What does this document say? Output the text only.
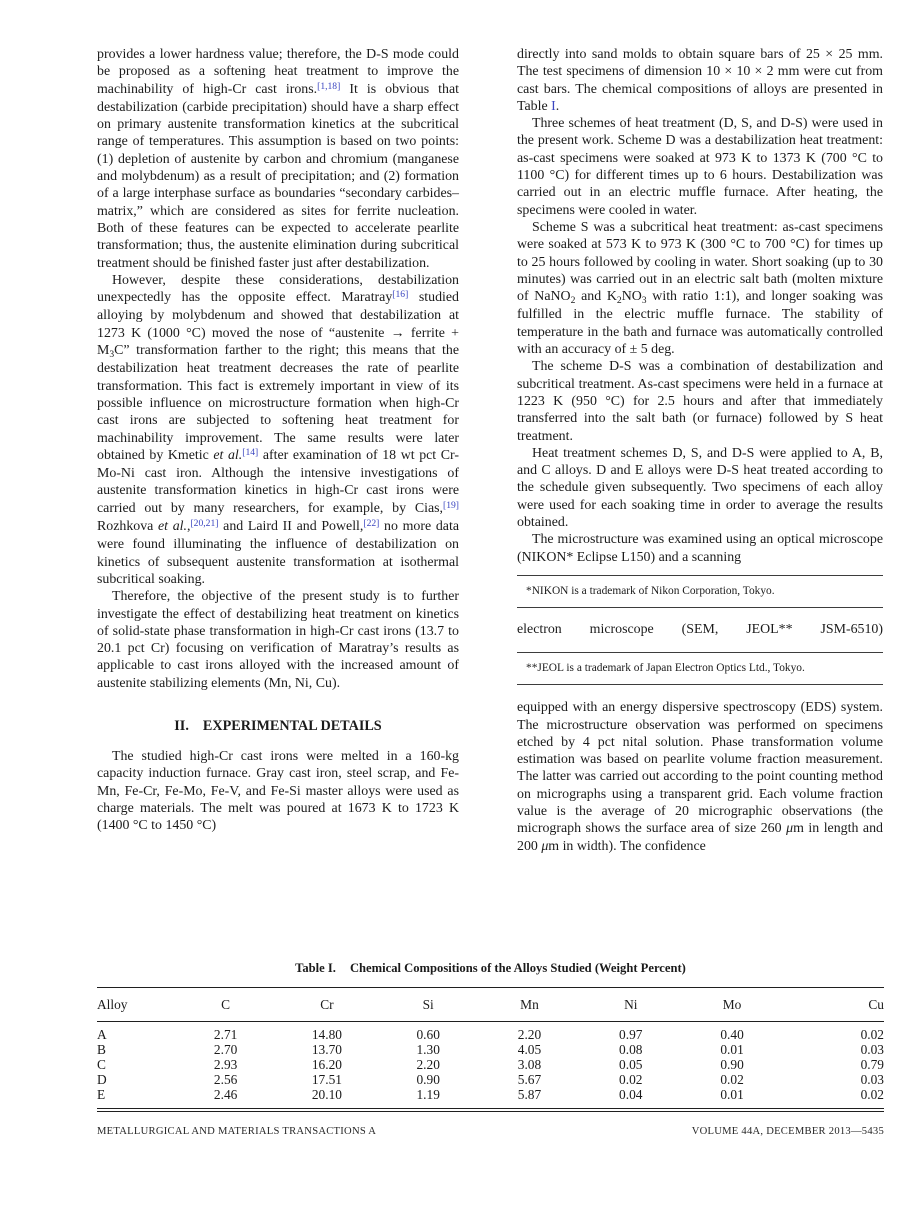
provides a lower hardness value; therefore, the D-S mode could be proposed as a softening heat treatment to improve the machinability of high-Cr cast irons.[1,18] It is obvious that destabilization (carbide precipitation) should have a sharp effect on primary austenite transformation kinetics at the subcritical range of temperatures. This assumption is based on two points: (1) depletion of austenite by carbon and chromium (manganese and molybdenum) as a result of precipitation; and (2) formation of a large interphase surface as boundaries “secondary carbides–matrix,” which are considered as sites for ferrite nucleation. Both of these features can be expected to accelerate pearlite transformation; thus, the austenite elimination during subcritical treatment should be finished faster just after destabilization.

However, despite these considerations, destabilization unexpectedly has the opposite effect. Maratray[16] studied alloying by molybdenum and showed that destabilization at 1273 K (1000 °C) moved the nose of “austenite → ferrite + $M_3C$” transformation farther to the right; this means that the destabilization heat treatment decreases the rate of pearlite transformation. This fact is extremely important in view of its possible influence on microstructure formation when high-Cr cast irons are subjected to softening heat treatment for machinability improvement. The same results were later obtained by Kmetic et al.[14] after examination of 18 wt pct Cr-Mo-Ni cast iron. Although the intensive investigations of austenite transformation kinetics in high-Cr cast irons were carried out by many researchers, for example, by Cias,[19] Rozhkova et al.,[20,21] and Laird II and Powell,[22] no more data were found illuminating the influence of destabilization on kinetics of subsequent austenite transformation at isothermal subcritical soaking.

Therefore, the objective of the present study is to further investigate the effect of destabilizing heat treatment on kinetics of solid-state phase transformation in high-Cr cast irons (13.7 to 20.1 pct Cr) focusing on verification of Maratray’s results as applicable to cast irons alloyed with the increased amount of austenite stabilizing elements (Mn, Ni, Cu).

II. EXPERIMENTAL DETAILS

The studied high-Cr cast irons were melted in a 160-kg capacity induction furnace. Gray cast iron, steel scrap, and Fe-Mn, Fe-Cr, Fe-Mo, Fe-V, and Fe-Si master alloys were used as charge materials. The melt was poured at 1673 K to 1723 K (1400 °C to 1450 °C)

directly into sand molds to obtain square bars of 25 × 25 mm. The test specimens of dimension 10 × 10 × 2 mm were cut from cast bars. The chemical compositions of alloys are presented in Table I.

Three schemes of heat treatment (D, S, and D-S) were used in the present work. Scheme D was a destabilization heat treatment: as-cast specimens were soaked at 973 K to 1373 K (700 °C to 1100 °C) for different times up to 6 hours. Destabilization was carried out in an electric muffle furnace. After heating, the specimens were cooled in water.

Scheme S was a subcritical heat treatment: as-cast specimens were soaked at 573 K to 973 K (300 °C to 700 °C) for times up to 25 hours followed by cooling in water. Short soaking (up to 30 minutes) was carried out in an electric salt bath (molten mixture of NaNO$_2$ and $K_2NO_3$ with ratio 1:1), and longer soaking was fulfilled in the electric muffle furnace. The stability of temperature in the bath and furnace was automatically controlled with an accuracy of ± 5 deg.

The scheme D-S was a combination of destabilization and subcritical treatment. As-cast specimens were held in a furnace at 1223 K (950 °C) for 2.5 hours and after that immediately transferred into the salt bath (or furnace) followed by S heat treatment.

Heat treatment schemes D, S, and D-S were applied to A, B, and C alloys. D and E alloys were D-S heat treated according to the schedule given subsequently. Two specimens of each alloy were used for each soaking time in order to average the results obtained.

The microstructure was examined using an optical microscope (NIKON* Eclipse L150) and a scanning

*NIKON is a trademark of Nikon Corporation, Tokyo.

electron microscope (SEM, JEOL** JSM-6510)

**JEOL is a trademark of Japan Electron Optics Ltd., Tokyo.

equipped with an energy dispersive spectroscopy (EDS) system. The microstructure observation was performed on specimens etched by 4 pct nital solution. Phase transformation volume estimation was based on pearlite volume fraction measurement. The latter was carried out according to the point counting method on micrographs using a transparent grid. Each volume fraction value is the average of 20 micrographic observations (the micrograph shows the surface area of size 260 μm in length and 200 μm in width). The confidence

Table I. Chemical Compositions of the Alloys Studied (Weight Percent)
Alloy	C	Cr	Si	Mn	Ni	Mo	Cu
A	2.71	14.80	0.60	2.20	0.97	0.40	0.02
B	2.70	13.70	1.30	4.05	0.08	0.01	0.03
C	2.93	16.20	2.20	3.08	0.05	0.90	0.79
D	2.56	17.51	0.90	5.67	0.02	0.02	0.03
E	2.46	20.10	1.19	5.87	0.04	0.01	0.02
METALLURGICAL AND MATERIALS TRANSACTIONS A	VOLUME 44A, DECEMBER 2013—5435
